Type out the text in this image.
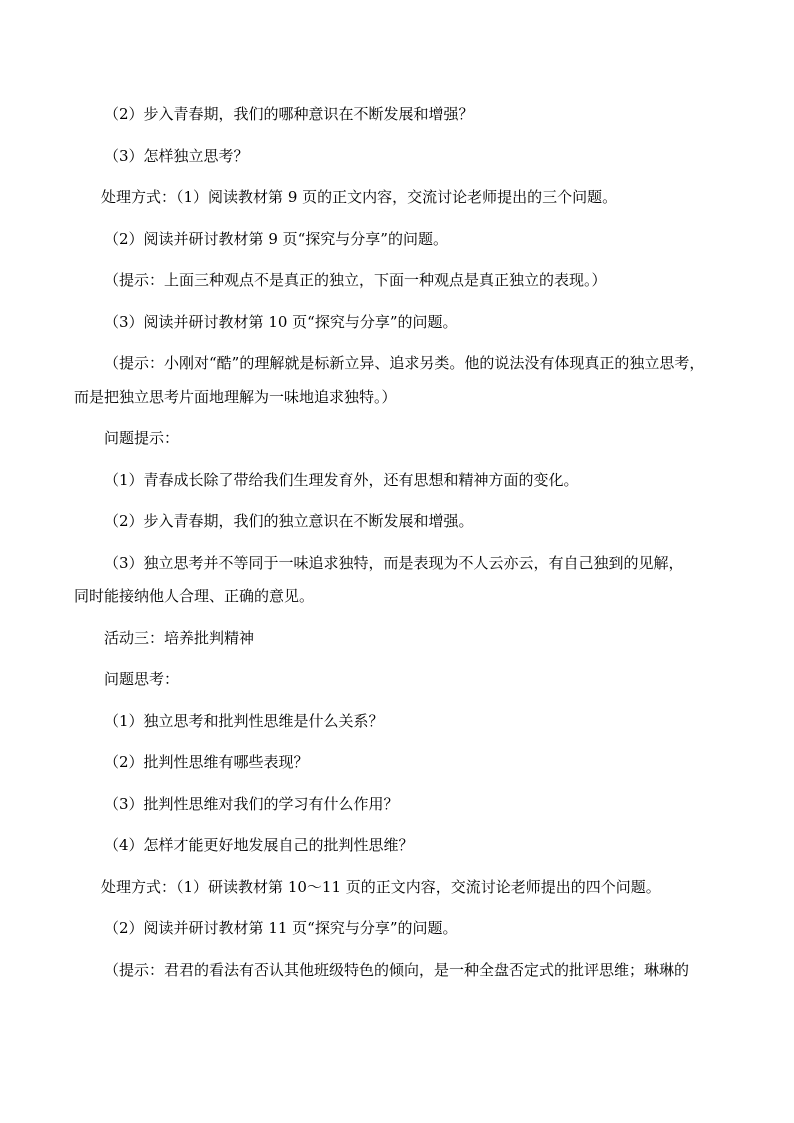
（2）步入青春期，我们的哪种意识在不断发展和增强？
（3）怎样独立思考？
处理方式：（1）阅读教材第 9 页的正文内容，交流讨论老师提出的三个问题。
（2）阅读并研讨教材第 9 页“探究与分享”的问题。
（提示：上面三种观点不是真正的独立，下面一种观点是真正独立的表现。）
（3）阅读并研讨教材第 10 页“探究与分享”的问题。
（提示：小刚对“酷”的理解就是标新立异、追求另类。他的说法没有体现真正的独立思考，
而是把独立思考片面地理解为一味地追求独特。）
问题提示：
（1）青春成长除了带给我们生理发育外，还有思想和精神方面的变化。
（2）步入青春期，我们的独立意识在不断发展和增强。
（3）独立思考并不等同于一味追求独特，而是表现为不人云亦云，有自己独到的见解，
同时能接纳他人合理、正确的意见。
活动三：培养批判精神
问题思考：
（1）独立思考和批判性思维是什么关系？
（2）批判性思维有哪些表现？
（3）批判性思维对我们的学习有什么作用？
（4）怎样才能更好地发展自己的批判性思维？
处理方式：（1）研读教材第 10～11 页的正文内容，交流讨论老师提出的四个问题。
（2）阅读并研讨教材第 11 页“探究与分享”的问题。
（提示：君君的看法有否认其他班级特色的倾向，是一种全盘否定式的批评思维；琳琳的
